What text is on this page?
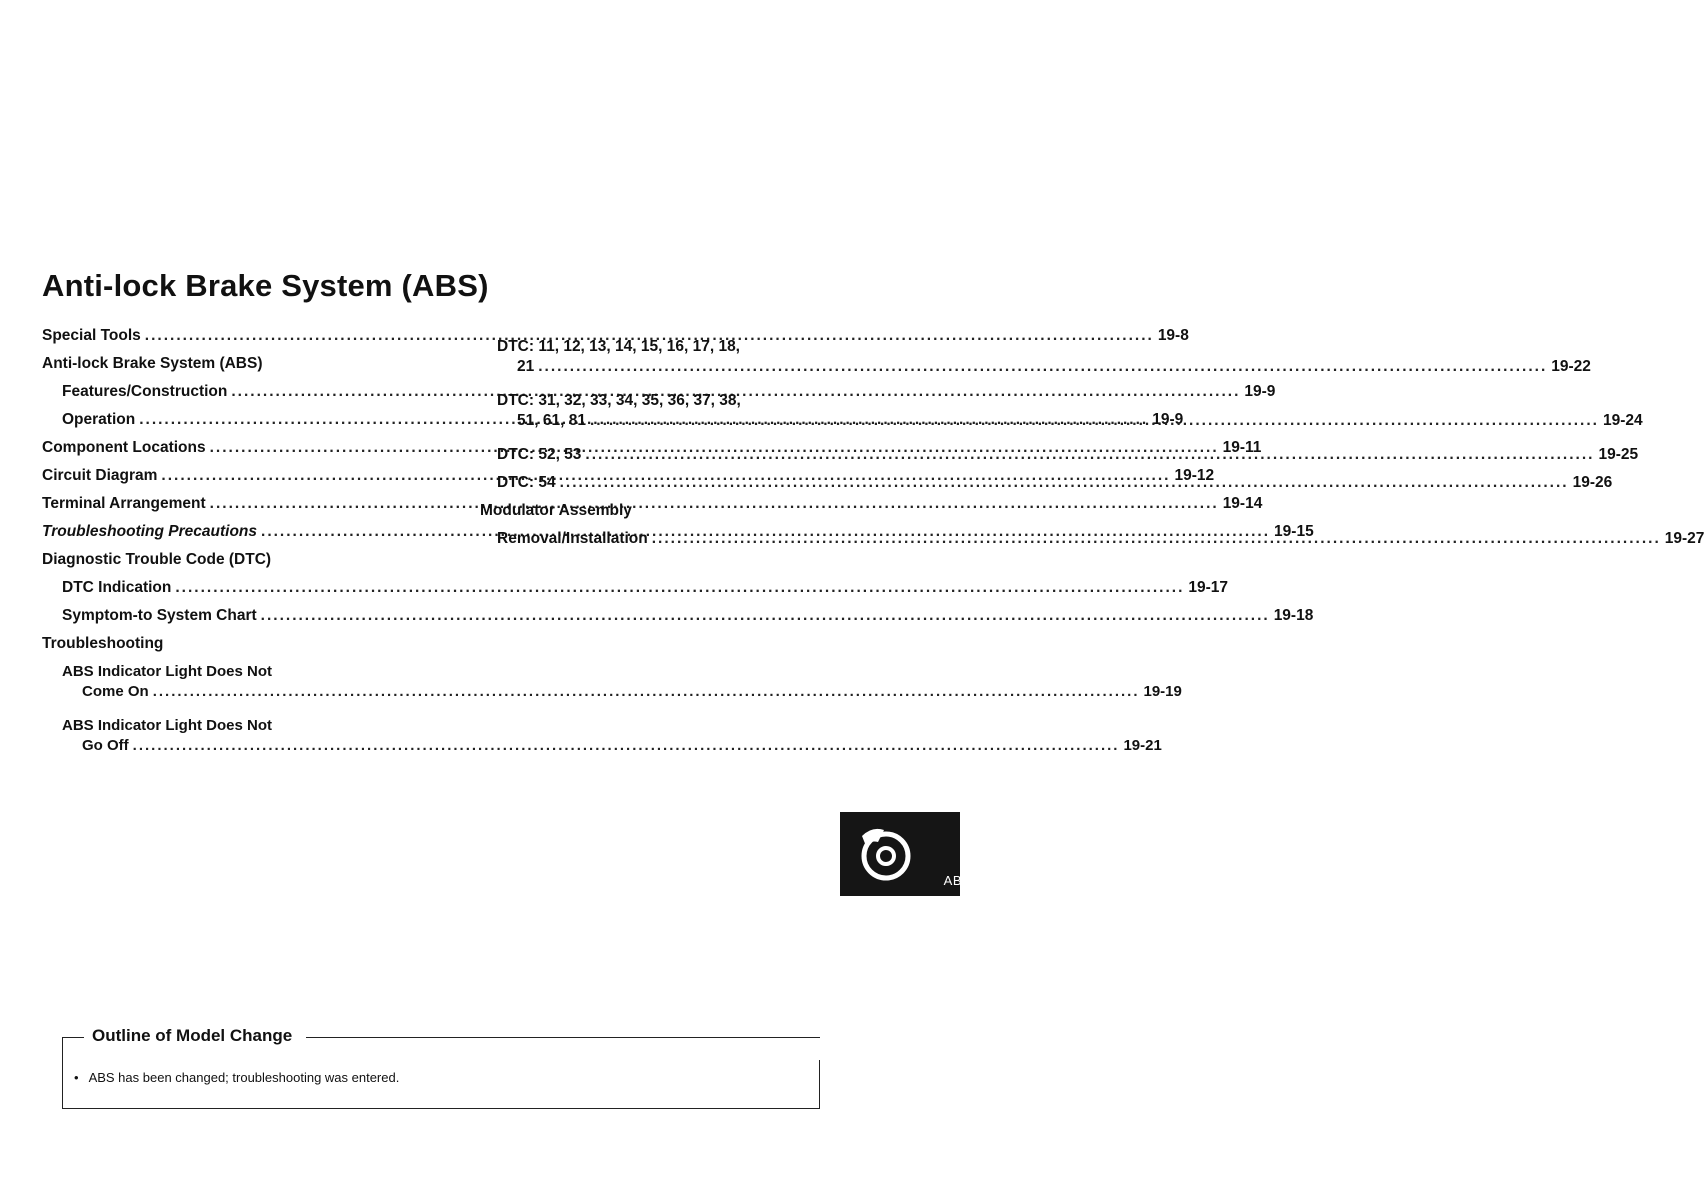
Anti-lock Brake System (ABS)
Special Tools .....	19-8
Anti-lock Brake System (ABS)
Features/Construction .....	19-9
Operation .....	19-9
Component Locations .....	19-11
Circuit Diagram .....	19-12
Terminal Arrangement .....	19-14
Troubleshooting Precautions .....	19-15
Diagnostic Trouble Code (DTC)
DTC Indication .....	19-17
Symptom-to System Chart .....	19-18
Troubleshooting
ABS Indicator Light Does Not
Come On .....	19-19
ABS Indicator Light Does Not
Go Off .....	19-21
DTC: 11, 12, 13, 14, 15, 16, 17, 18,
21 .....	19-22
DTC: 31, 32, 33, 34, 35, 36, 37, 38,
51, 61, 81 .....	19-24
DTC: 52, 53 .....	19-25
DTC: 54 .....	19-26
Modulator Assembly
Removal/Installation .....	19-27
AB
Outline of Model Change
• ABS has been changed; troubleshooting was entered.
